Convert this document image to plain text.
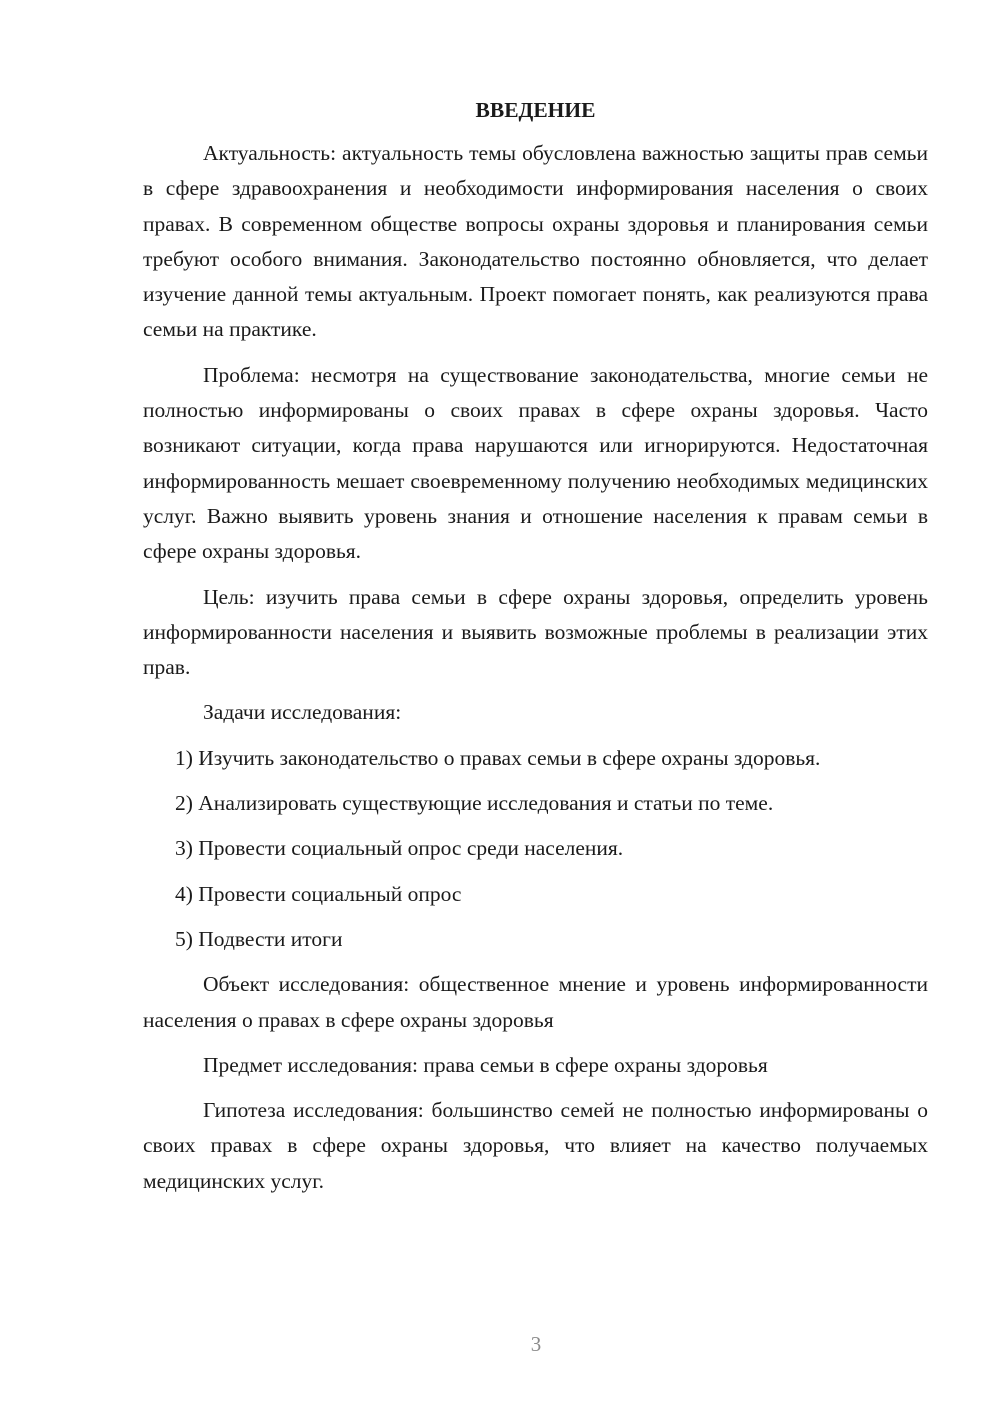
ВВЕДЕНИЕ

Актуальность: актуальность темы обусловлена важностью защиты прав семьи в сфере здравоохранения и необходимости информирования населения о своих правах. В современном обществе вопросы охраны здоровья и планирования семьи требуют особого внимания. Законодательство постоянно обновляется, что делает изучение данной темы актуальным. Проект помогает понять, как реализуются права семьи на практике.

Проблема: несмотря на существование законодательства, многие семьи не полностью информированы о своих правах в сфере охраны здоровья. Часто возникают ситуации, когда права нарушаются или игнорируются. Недостаточная информированность мешает своевременному получению необходимых медицинских услуг. Важно выявить уровень знания и отношение населения к правам семьи в сфере охраны здоровья.

Цель: изучить права семьи в сфере охраны здоровья, определить уровень информированности населения и выявить возможные проблемы в реализации этих прав.

Задачи исследования:

1) Изучить законодательство о правах семьи в сфере охраны здоровья.
2) Анализировать существующие исследования и статьи по теме.
3) Провести социальный опрос среди населения.
4) Провести социальный опрос
5) Подвести итоги

Объект исследования: общественное мнение и уровень информированности населения о правах в сфере охраны здоровья

Предмет исследования: права семьи в сфере охраны здоровья

Гипотеза исследования: большинство семей не полностью информированы о своих правах в сфере охраны здоровья, что влияет на качество получаемых медицинских услуг.

3
